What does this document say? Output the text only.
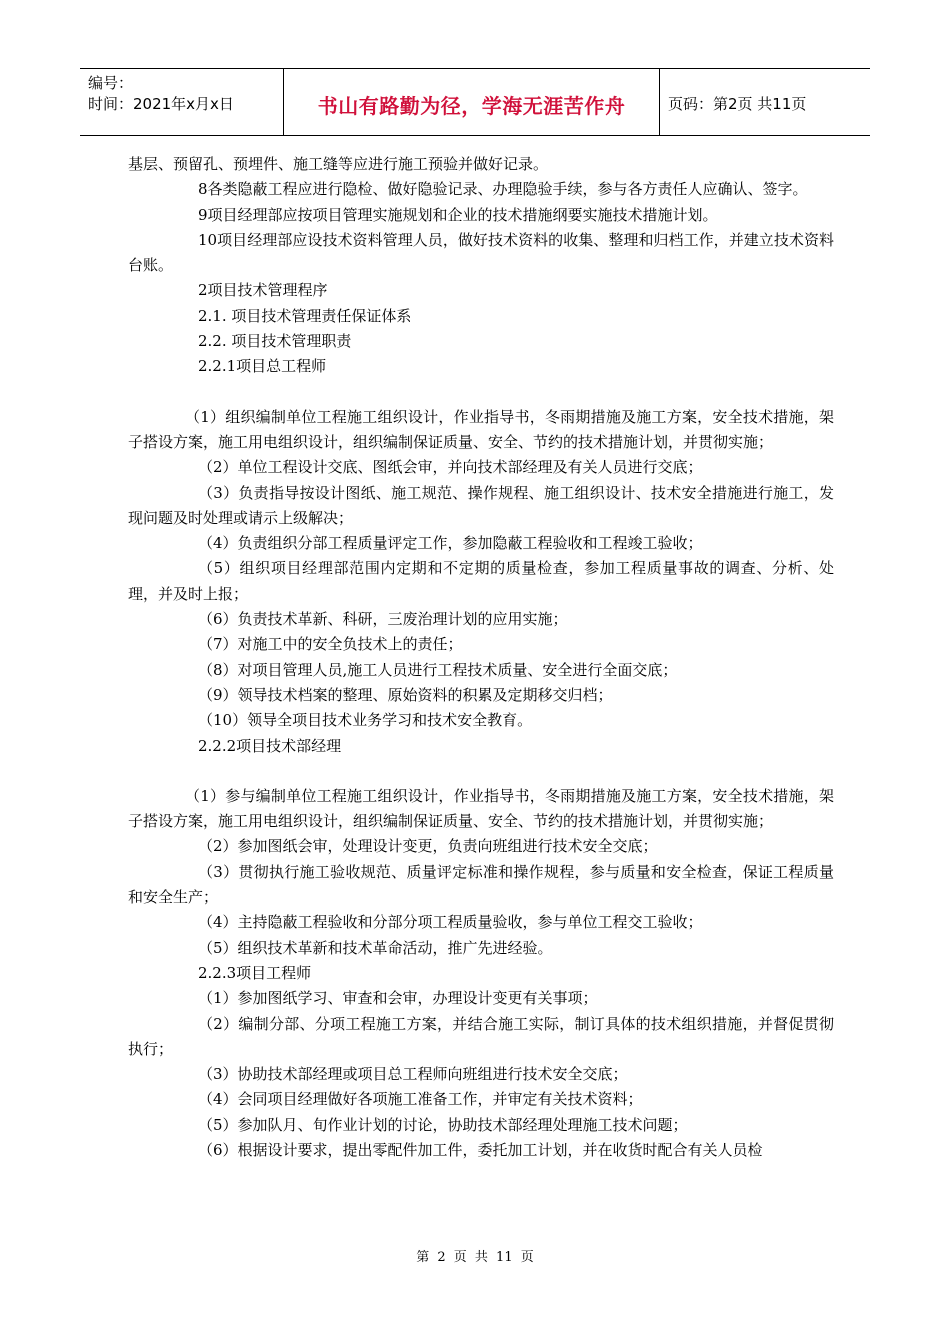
编号：
时间：2021年x月x日	书山有路勤为径，学海无涯苦作舟	页码：第2页 共11页

基层、预留孔、预埋件、施工缝等应进行施工预验并做好记录。

8各类隐蔽工程应进行隐检、做好隐验记录、办理隐验手续，参与各方责任人应确认、签字。

9项目经理部应按项目管理实施规划和企业的技术措施纲要实施技术措施计划。

10项目经理部应设技术资料管理人员，做好技术资料的收集、整理和归档工作，并建立技术资料台账。

2项目技术管理程序

2.1. 项目技术管理责任保证体系

2.2. 项目技术管理职责

2.2.1项目总工程师

（1）组织编制单位工程施工组织设计，作业指导书，冬雨期措施及施工方案，安全技术措施，架子搭设方案，施工用电组织设计，组织编制保证质量、安全、节约的技术措施计划，并贯彻实施；

（2）单位工程设计交底、图纸会审，并向技术部经理及有关人员进行交底；

（3）负责指导按设计图纸、施工规范、操作规程、施工组织设计、技术安全措施进行施工，发现问题及时处理或请示上级解决；

（4）负责组织分部工程质量评定工作，参加隐蔽工程验收和工程竣工验收；

（5）组织项目经理部范围内定期和不定期的质量检查，参加工程质量事故的调查、分析、处理，并及时上报；

（6）负责技术革新、科研，三废治理计划的应用实施；

（7）对施工中的安全负技术上的责任；

（8）对项目管理人员,施工人员进行工程技术质量、安全进行全面交底；

（9）领导技术档案的整理、原始资料的积累及定期移交归档；

（10）领导全项目技术业务学习和技术安全教育。

2.2.2项目技术部经理

（1）参与编制单位工程施工组织设计，作业指导书，冬雨期措施及施工方案，安全技术措施，架子搭设方案，施工用电组织设计，组织编制保证质量、安全、节约的技术措施计划，并贯彻实施；

（2）参加图纸会审，处理设计变更，负责向班组进行技术安全交底；

（3）贯彻执行施工验收规范、质量评定标准和操作规程，参与质量和安全检查，保证工程质量和安全生产；

（4）主持隐蔽工程验收和分部分项工程质量验收，参与单位工程交工验收；

（5）组织技术革新和技术革命活动，推广先进经验。

2.2.3项目工程师

（1）参加图纸学习、审查和会审，办理设计变更有关事项；

（2）编制分部、分项工程施工方案，并结合施工实际，制订具体的技术组织措施，并督促贯彻执行；

（3）协助技术部经理或项目总工程师向班组进行技术安全交底；

（4）会同项目经理做好各项施工准备工作，并审定有关技术资料；

（5）参加队月、旬作业计划的讨论，协助技术部经理处理施工技术问题；

（6）根据设计要求，提出零配件加工件，委托加工计划，并在收货时配合有关人员检

第 2 页 共 11 页
